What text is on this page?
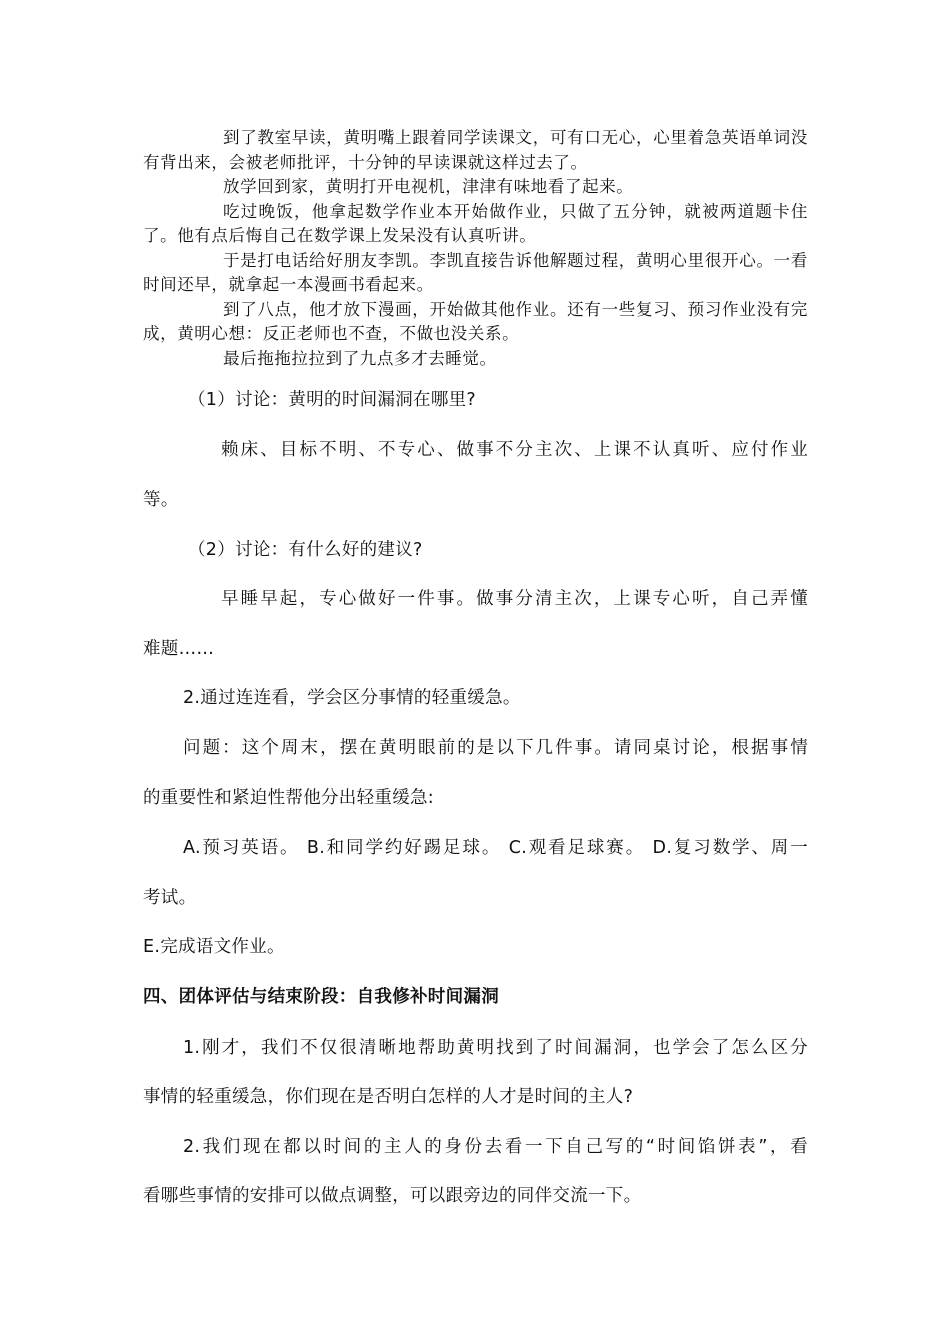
到了教室早读，黄明嘴上跟着同学读课文，可有口无心，心里着急英语单词没有背出来，会被老师批评，十分钟的早读课就这样过去了。

放学回到家，黄明打开电视机，津津有味地看了起来。

吃过晚饭，他拿起数学作业本开始做作业，只做了五分钟，就被两道题卡住了。他有点后悔自己在数学课上发呆没有认真听讲。

于是打电话给好朋友李凯。李凯直接告诉他解题过程，黄明心里很开心。一看时间还早，就拿起一本漫画书看起来。

到了八点，他才放下漫画，开始做其他作业。还有一些复习、预习作业没有完成，黄明心想：反正老师也不查，不做也没关系。

最后拖拖拉拉到了九点多才去睡觉。

（1）讨论：黄明的时间漏洞在哪里?
赖床、目标不明、不专心、做事不分主次、上课不认真听、应付作业
等。
（2）讨论：有什么好的建议?
早睡早起，专心做好一件事。做事分清主次，上课专心听，自己弄懂
难题……
2.通过连连看，学会区分事情的轻重缓急。
问题：这个周末，摆在黄明眼前的是以下几件事。请同桌讨论，根据事情
的重要性和紧迫性帮他分出轻重缓急:
A.预习英语。 B.和同学约好踢足球。 C.观看足球赛。 D.复习数学、周一
考试。
E.完成语文作业。
四、团体评估与结束阶段：自我修补时间漏洞
1.刚才，我们不仅很清晰地帮助黄明找到了时间漏洞，也学会了怎么区分
事情的轻重缓急，你们现在是否明白怎样的人才是时间的主人?
2.我们现在都以时间的主人的身份去看一下自己写的“时间馅饼表”，看
看哪些事情的安排可以做点调整，可以跟旁边的同伴交流一下。
